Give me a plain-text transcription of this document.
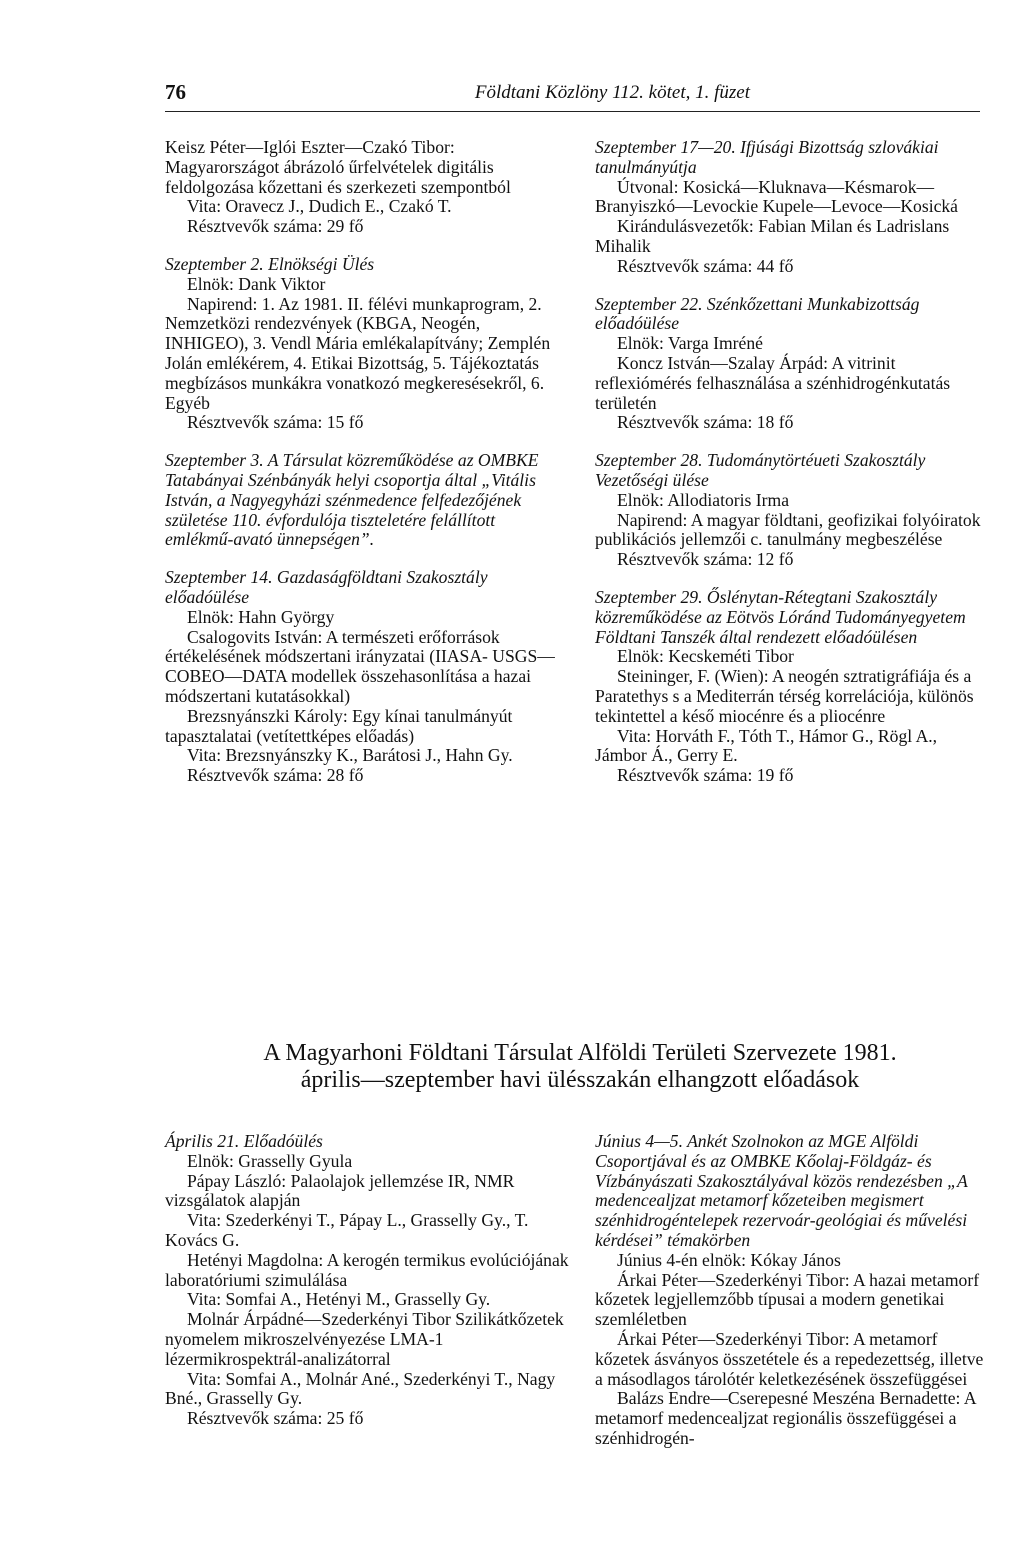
76	Földtani Közlöny 112. kötet, 1. füzet

Keisz Péter—Iglói Eszter—Czakó Tibor: Magyarországot ábrázoló űrfelvételek digitális feldolgozása kőzettani és szerkezeti szempontból

Vita: Oravecz J., Dudich E., Czakó T.

Résztvevők száma: 29 fő

Szeptember 2. Elnökségi Ülés

Elnök: Dank Viktor

Napirend: 1. Az 1981. II. félévi munkaprogram, 2. Nemzetközi rendezvények (KBGA, Neogén, INHIGEO), 3. Vendl Mária emlékalapítvány; Zemplén Jolán emlékérem, 4. Etikai Bizottság, 5. Tájékoztatás megbízásos munkákra vonatkozó megkeresésekről, 6. Egyéb

Résztvevők száma: 15 fő

Szeptember 3. A Társulat közreműködése az OMBKE Tatabányai Szénbányák helyi csoportja által „Vitális István, a Nagyegyházi szénmedence felfedezőjének születése 110. évfordulója tiszteletére felállított emlékmű-avató ünnepségen”.

Szeptember 14. Gazdaságföldtani Szakosztály előadóülése

Elnök: Hahn György

Csalogovits István: A természeti erőforrások értékelésének módszertani irányzatai (IIASA- USGS—COBEO—DATA modellek összehasonlítása a hazai módszertani kutatásokkal)

Brezsnyánszki Károly: Egy kínai tanulmányút tapasztalatai (vetítettképes előadás)

Vita: Brezsnyánszky K., Barátosi J., Hahn Gy.

Résztvevők száma: 28 fő

Szeptember 17—20. Ifjúsági Bizottság szlovákiai tanulmányútja

Útvonal: Kosická—Kluknava—Késmarok—Branyiszkó—Levockie Kupele—Levoce—Kosická

Kirándulásvezetők: Fabian Milan és Ladrislans Mihalik

Résztvevők száma: 44 fő

Szeptember 22. Szénkőzettani Munkabizottság előadóülése

Elnök: Varga Imréné

Koncz István—Szalay Árpád: A vitrinit reflexiómérés felhasználása a szénhidrogénkutatás területén

Résztvevők száma: 18 fő

Szeptember 28. Tudománytörtéueti Szakosztály Vezetőségi ülése

Elnök: Allodiatoris Irma

Napirend: A magyar földtani, geofizikai folyóiratok publikációs jellemzői c. tanulmány megbeszélése

Résztvevők száma: 12 fő

Szeptember 29. Őslénytan-Rétegtani Szakosztály közreműködése az Eötvös Lóránd Tudományegyetem Földtani Tanszék által rendezett előadóülésen

Elnök: Kecskeméti Tibor

Steininger, F. (Wien): A neogén sztratigráfiája és a Paratethys s a Mediterrán térség korrelációja, különös tekintettel a késő miocénre és a pliocénre

Vita: Horváth F., Tóth T., Hámor G., Rögl A., Jámbor Á., Gerry E.

Résztvevők száma: 19 fő

A Magyarhoni Földtani Társulat Alföldi Területi Szervezete 1981.
április—szeptember havi ülésszakán elhangzott előadások

Április 21. Előadóülés

Elnök: Grasselly Gyula

Pápay László: Palaolajok jellemzése IR, NMR vizsgálatok alapján

Vita: Szederkényi T., Pápay L., Grasselly Gy., T. Kovács G.

Hetényi Magdolna: A kerogén termikus evolúciójának laboratóriumi szimulálása

Vita: Somfai A., Hetényi M., Grasselly Gy.

Molnár Árpádné—Szederkényi Tibor Szilikátkőzetek nyomelem mikroszelvényezése LMA-1 lézermikrospektrál-analizátorral

Vita: Somfai A., Molnár Ané., Szederkényi T., Nagy Bné., Grasselly Gy.

Résztvevők száma: 25 fő

Június 4—5. Ankét Szolnokon az MGE Alföldi Csoportjával és az OMBKE Kőolaj-Földgáz- és Vízbányászati Szakosztályával közös rendezésben „A medencealjzat metamorf kőzeteiben megismert szénhidrogéntelepek rezervoár-geológiai és művelési kérdései” témakörben

Június 4-én elnök: Kókay János

Árkai Péter—Szederkényi Tibor: A hazai metamorf kőzetek legjellemzőbb típusai a modern genetikai szemléletben

Árkai Péter—Szederkényi Tibor: A metamorf kőzetek ásványos összetétele és a repedezettség, illetve a másodlagos tárolótér keletkezésének összefüggései

Balázs Endre—Cserepesné Meszéna Bernadette: A metamorf medencealjzat regionális összefüggései a szénhidrogén-
